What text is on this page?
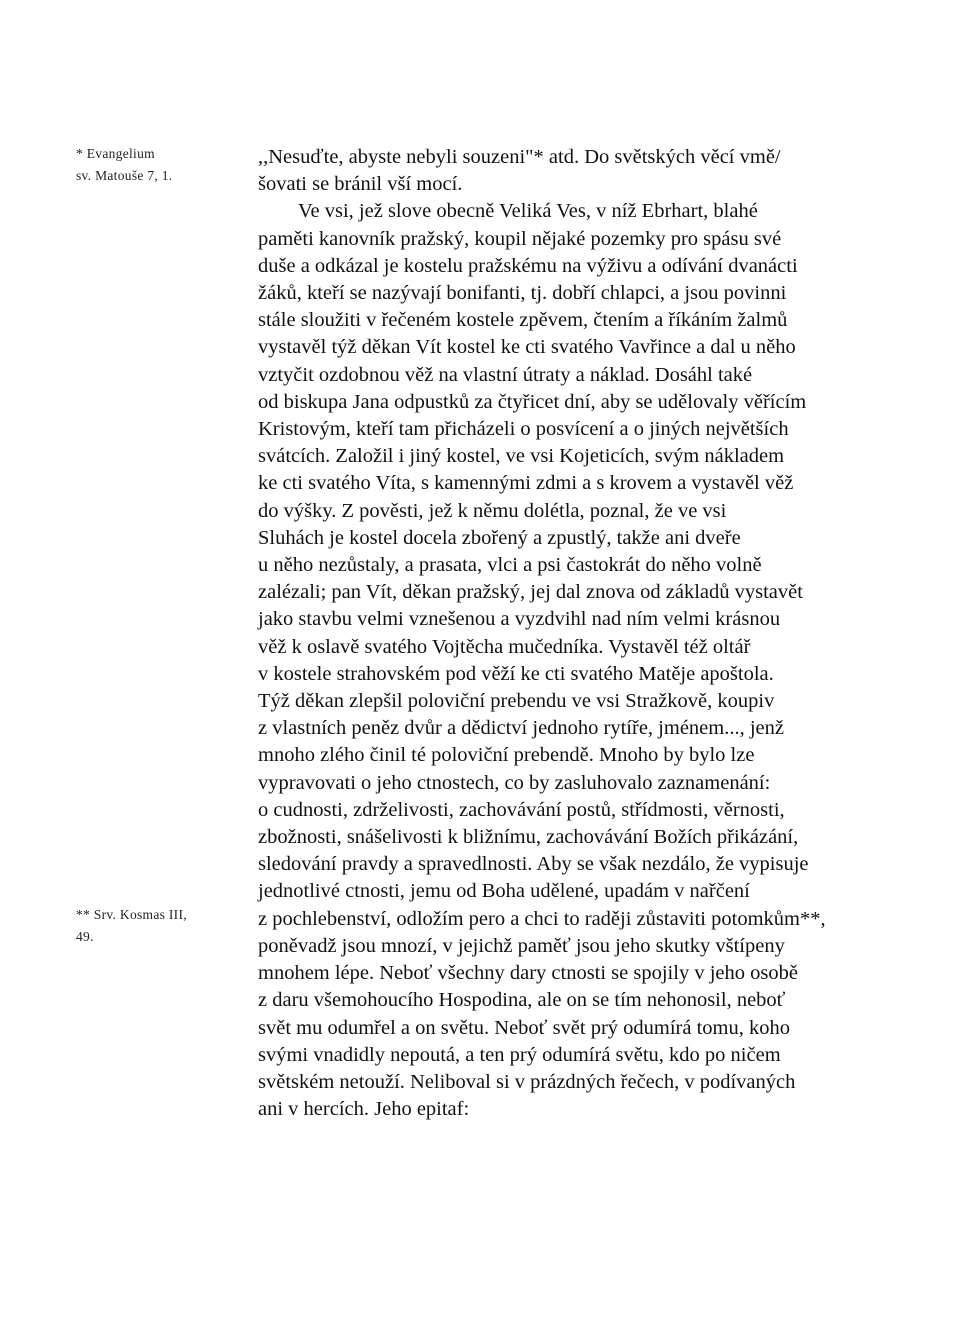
* Evangelium
sv. Matouše 7, 1.
** Srv. Kosmas III,
49.
,,Nesuďte, abyste nebyli souzeni"* atd. Do světských věcí vmě/
šovati se bránil vší mocí.
Ve vsi, jež slove obecně Veliká Ves, v níž Ebrhart, blahé
paměti kanovník pražský, koupil nějaké pozemky pro spásu své
duše a odkázal je kostelu pražskému na výživu a odívání dvanácti
žáků, kteří se nazývají bonifanti, tj. dobří chlapci, a jsou povinni
stále sloužiti v řečeném kostele zpěvem, čtením a říkáním žalmů
vystavěl týž děkan Vít kostel ke cti svatého Vavřince a dal u něho
vztyčit ozdobnou věž na vlastní útraty a náklad. Dosáhl také
od biskupa Jana odpustků za čtyřicet dní, aby se udělovaly věřícím
Kristovým, kteří tam přicházeli o posvícení a o jiných největších
svátcích. Založil i jiný kostel, ve vsi Kojeticích, svým nákladem
ke cti svatého Víta, s kamennými zdmi a s krovem a vystavěl věž
do výšky. Z pověsti, jež k němu dolétla, poznal, že ve vsi
Sluhách je kostel docela zbořený a zpustlý, takže ani dveře
u něho nezůstaly, a prasata, vlci a psi častokrát do něho volně
zalézali; pan Vít, děkan pražský, jej dal znova od základů vystavět
jako stavbu velmi vznešenou a vyzdvihl nad ním velmi krásnou
věž k oslavě svatého Vojtěcha mučedníka. Vystavěl též oltář
v kostele strahovském pod věží ke cti svatého Matěje apoštola.
Týž děkan zlepšil poloviční prebendu ve vsi Stražkově, koupiv
z vlastních peněz dvůr a dědictví jednoho rytíře, jménem..., jenž
mnoho zlého činil té poloviční prebendě. Mnoho by bylo lze
vypravovati o jeho ctnostech, co by zasluhovalo zaznamenání:
o cudnosti, zdrželivosti, zachovávání postů, střídmosti, věrnosti,
zbožnosti, snášelivosti k bližnímu, zachovávání Božích přikázání,
sledování pravdy a spravedlnosti. Aby se však nezdálo, že vypisuje
jednotlivé ctnosti, jemu od Boha udělené, upadám v nařčení
z pochlebenství, odložím pero a chci to raději zůstaviti potomkům**,
poněvadž jsou mnozí, v jejichž paměť jsou jeho skutky vštípeny
mnohem lépe. Neboť všechny dary ctnosti se spojily v jeho osobě
z daru všemohoucího Hospodina, ale on se tím nehonosil, neboť
svět mu odumřel a on světu. Neboť svět prý odumírá tomu, koho
svými vnadidly nepoutá, a ten prý odumírá světu, kdo po ničem
světském netouží. Neliboval si v prázdných řečech, v podívaných
ani v hercích. Jeho epitaf:
